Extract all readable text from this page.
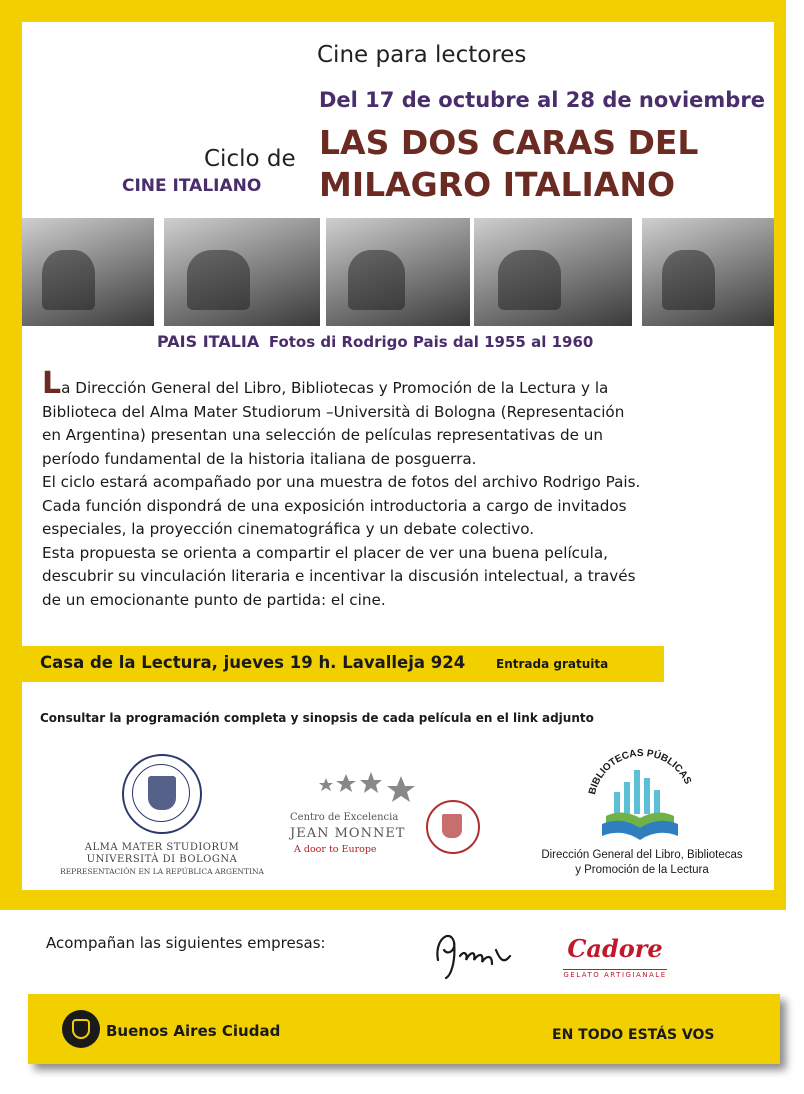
Cine para lectores
Del 17 de octubre al 28 de noviembre
Ciclo de
CINE ITALIANO
LAS DOS CARAS DEL
MILAGRO ITALIANO
PAIS ITALIA Fotos di Rodrigo Pais dal 1955 al 1960
La Dirección General del Libro, Bibliotecas y Promoción de la Lectura y la
Biblioteca del Alma Mater Studiorum –Università di Bologna (Representación
en Argentina) presentan una selección de películas representativas de un
período fundamental de la historia italiana de posguerra.
El ciclo estará acompañado por una muestra de fotos del archivo Rodrigo Pais.
Cada función dispondrá de una exposición introductoria a cargo de invitados
especiales, la proyección cinematográfica y un debate colectivo.
Esta propuesta se orienta a compartir el placer de ver una buena película,
descubrir su vinculación literaria e incentivar la discusión intelectual, a través
de un emocionante punto de partida: el cine.
Casa de la Lectura, jueves 19 h. Lavalleja 924	Entrada gratuita
Consultar la programación completa y sinopsis de cada película en el link adjunto
ALMA MATER STUDIORUM
UNIVERSITÀ DI BOLOGNA
REPRESENTACIÓN EN LA REPÚBLICA ARGENTINA
Centro de Excelencia
JEAN MONNET
A door to Europe
BIBLIOTECAS PÚBLICAS
Dirección General del Libro, Bibliotecas
y Promoción de la Lectura
Acompañan las siguientes empresas:	Cadore
GELATO ARTIGIANALE
Buenos Aires Ciudad	EN TODO ESTÁS VOS
